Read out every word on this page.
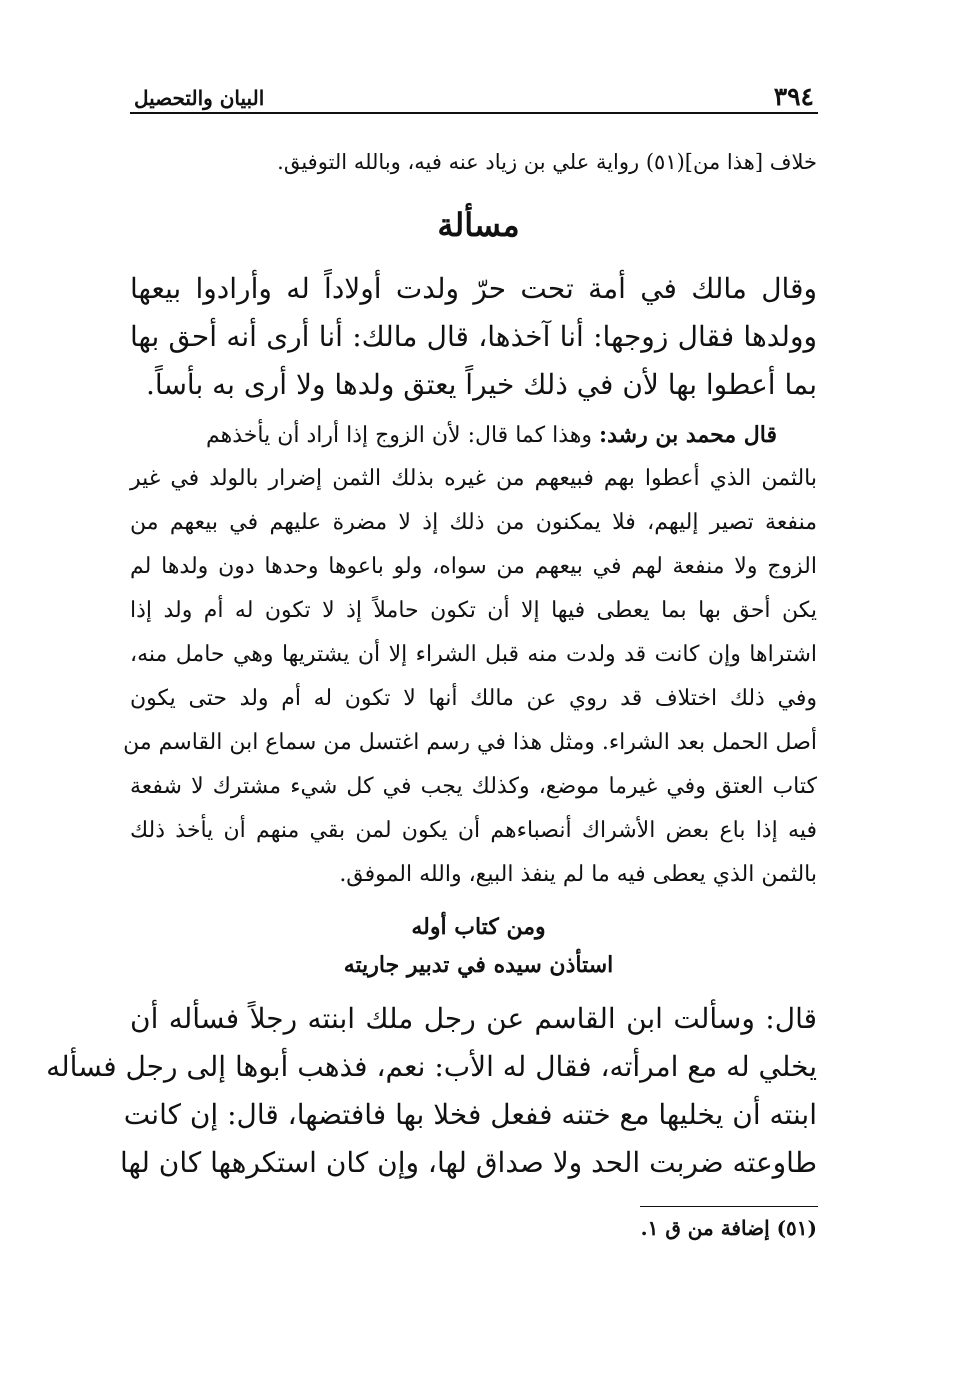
٣٩٤
البيان والتحصيل
خلاف [هذا من](٥١) رواية علي بن زياد عنه فيه، وبالله التوفيق.
مسألة
وقال مالك في أمة تحت حرّ ولدت أولاداً له وأرادوا بيعها
وولدها فقال زوجها: أنا آخذها، قال مالك: أنا أرى أنه أحق بها
بما أعطوا بها لأن في ذلك خيراً يعتق ولدها ولا أرى به بأساً.
قال محمد بن رشد: وهذا كما قال: لأن الزوج إذا أراد أن يأخذهم
بالثمن الذي أعطوا بهم فبيعهم من غيره بذلك الثمن إضرار بالولد في غير
منفعة تصير إليهم، فلا يمكنون من ذلك إذ لا مضرة عليهم في بيعهم من
الزوج ولا منفعة لهم في بيعهم من سواه، ولو باعوها وحدها دون ولدها لم
يكن أحق بها بما يعطى فيها إلا أن تكون حاملاً إذ لا تكون له أم ولد إذا
اشتراها وإن كانت قد ولدت منه قبل الشراء إلا أن يشتريها وهي حامل منه،
وفي ذلك اختلاف قد روي عن مالك أنها لا تكون له أم ولد حتى يكون
أصل الحمل بعد الشراء. ومثل هذا في رسم اغتسل من سماع ابن القاسم من
كتاب العتق وفي غيرما موضع، وكذلك يجب في كل شيء مشترك لا شفعة
فيه إذا باع بعض الأشراك أنصباءهم أن يكون لمن بقي منهم أن يأخذ ذلك
بالثمن الذي يعطى فيه ما لم ينفذ البيع، والله الموفق.
ومن كتاب أوله
استأذن سيده في تدبير جاريته
قال: وسألت ابن القاسم عن رجل ملك ابنته رجلاً فسأله أن
يخلي له مع امرأته، فقال له الأب: نعم، فذهب أبوها إلى رجل فسأله
ابنته أن يخليها مع ختنه ففعل فخلا بها فافتضها، قال: إن كانت
طاوعته ضربت الحد ولا صداق لها، وإن كان استكرهها كان لها
(٥١) إضافة من ق ١.
